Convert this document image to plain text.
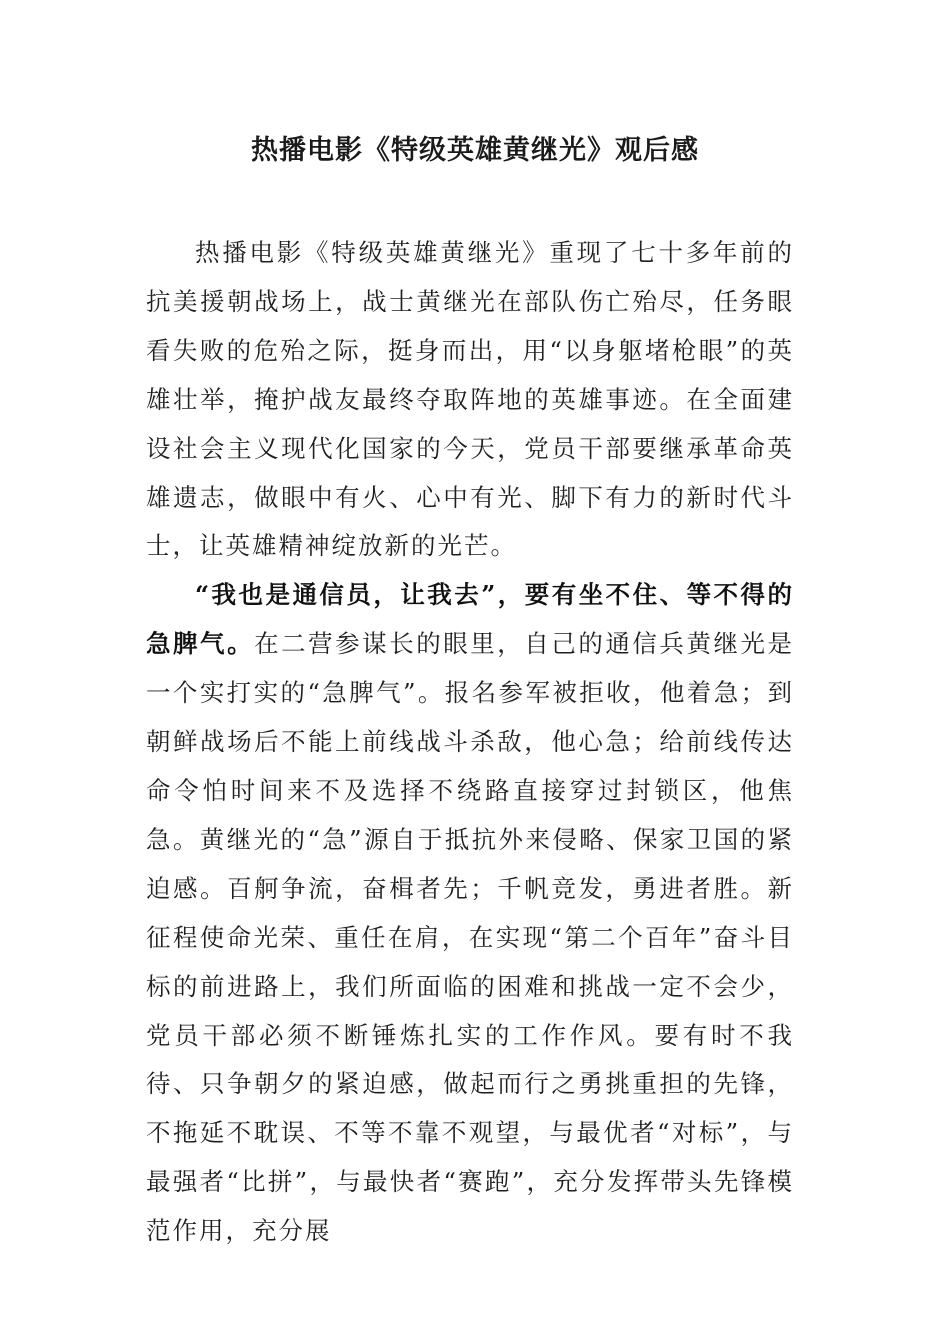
热播电影《特级英雄黄继光》观后感

热播电影《特级英雄黄继光》重现了七十多年前的抗美援朝战场上，战士黄继光在部队伤亡殆尽，任务眼看失败的危殆之际，挺身而出，用“以身躯堵枪眼”的英雄壮举，掩护战友最终夺取阵地的英雄事迹。在全面建设社会主义现代化国家的今天，党员干部要继承革命英雄遗志，做眼中有火、心中有光、脚下有力的新时代斗士，让英雄精神绽放新的光芒。

“我也是通信员，让我去”，要有坐不住、等不得的急脾气。在二营参谋长的眼里，自己的通信兵黄继光是一个实打实的“急脾气”。报名参军被拒收，他着急；到朝鲜战场后不能上前线战斗杀敌，他心急；给前线传达命令怕时间来不及选择不绕路直接穿过封锁区，他焦急。黄继光的“急”源自于抵抗外来侵略、保家卫国的紧迫感。百舸争流，奋楫者先；千帆竞发，勇进者胜。新征程使命光荣、重任在肩，在实现“第二个百年”奋斗目标的前进路上，我们所面临的困难和挑战一定不会少，党员干部必须不断锤炼扎实的工作作风。要有时不我待、只争朝夕的紧迫感，做起而行之勇挑重担的先锋，不拖延不耽误、不等不靠不观望，与最优者“对标”，与最强者“比拼”，与最快者“赛跑”，充分发挥带头先锋模范作用，充分展
